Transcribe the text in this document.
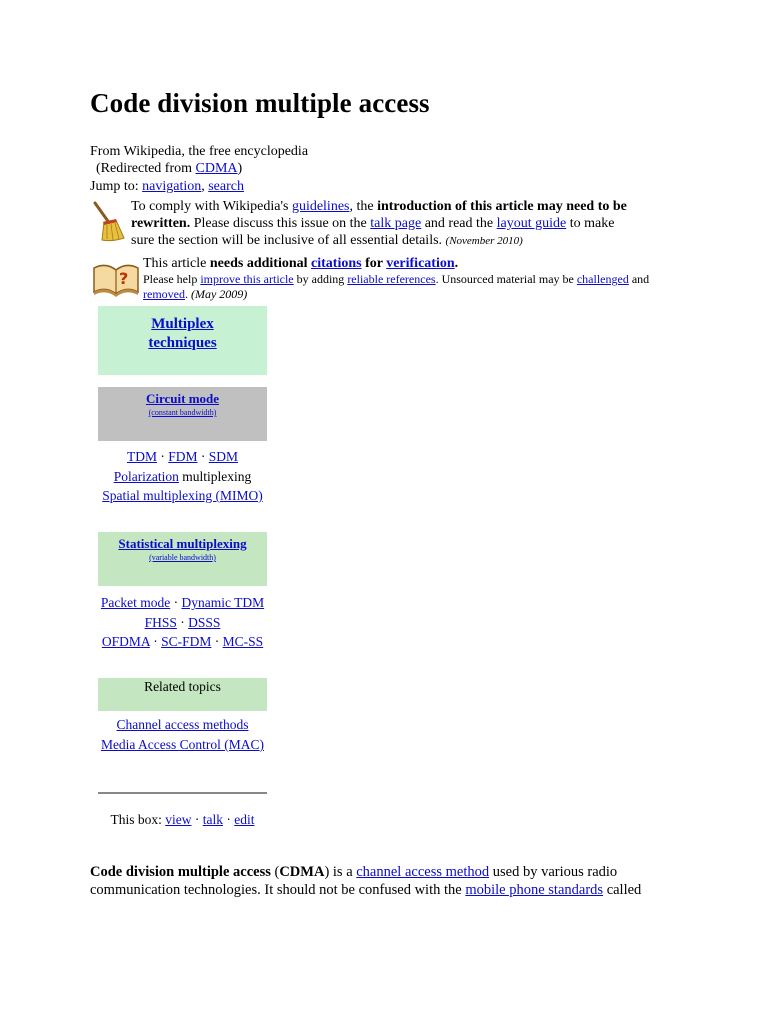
Code division multiple access
From Wikipedia, the free encyclopedia
(Redirected from CDMA)
Jump to: navigation, search
To comply with Wikipedia's guidelines, the introduction of this article may need to be
rewritten. Please discuss this issue on the talk page and read the layout guide to make
sure the section will be inclusive of all essential details. (November 2010)
?
This article needs additional citations for verification.
Please help improve this article by adding reliable references. Unsourced material may be challenged and
removed. (May 2009)
Multiplex
techniques
Circuit mode
(constant bandwidth)
TDM · FDM · SDM
Polarization multiplexing
Spatial multiplexing (MIMO)
Statistical multiplexing
(variable bandwidth)
Packet mode · Dynamic TDM
FHSS · DSSS
OFDMA · SC-FDM · MC-SS
Related topics
Channel access methods
Media Access Control (MAC)
This box: view · talk · edit
Code division multiple access (CDMA) is a channel access method used by various radio
communication technologies. It should not be confused with the mobile phone standards called
